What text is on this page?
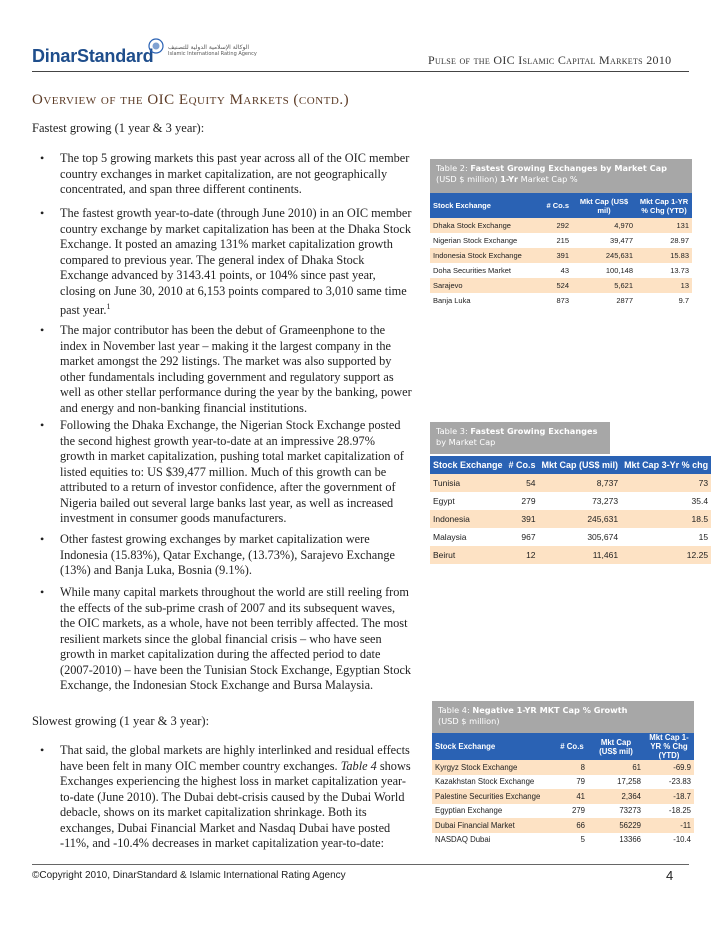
DinarStandard الوكالة الإسلامية الدولية للتصنيف
Islamic International Rating Agency	Pulse of the OIC Islamic Capital Markets 2010
Overview of the OIC Equity Markets (contd.)
Fastest growing (1 year & 3 year):
• The top 5 growing markets this past year across all of the OIC member country exchanges in market capitalization, are not geographically concentrated, and span three different continents.
• The fastest growth year-to-date (through June 2010) in an OIC member country exchange by market capitalization has been at the Dhaka Stock Exchange. It posted an amazing 131% market capitalization growth compared to previous year. The general index of Dhaka Stock Exchange advanced by 3143.41 points, or 104% since past year, closing on June 30, 2010 at 6,153 points compared to 3,010 same time past year.$^1$
• The major contributor has been the debut of Grameenphone to the index in November last year – making it the largest company in the market amongst the 292 listings. The market was also supported by other fundamentals including government and regulatory support as well as other stellar performance during the year by the banking, power and energy and non-banking financial institutions.
• Following the Dhaka Exchange, the Nigerian Stock Exchange posted the second highest growth year-to-date at an impressive 28.97% growth in market capitalization, pushing total market capitalization of listed equities to: US $39,477 million. Much of this growth can be attributed to a return of investor confidence, after the government of Nigeria bailed out several large banks last year, as well as increased investment in consumer goods manufacturers.
• Other fastest growing exchanges by market capitalization were Indonesia (15.83%), Qatar Exchange, (13.73%), Sarajevo Exchange (13%) and Banja Luka, Bosnia (9.1%).
• While many capital markets throughout the world are still reeling from the effects of the sub-prime crash of 2007 and its subsequent waves, the OIC markets, as a whole, have not been terribly affected. The most resilient markets since the global financial crisis – who have seen growth in market capitalization during the affected period to date (2007-2010) – have been the Tunisian Stock Exchange, Egyptian Stock Exchange, the Indonesian Stock Exchange and Bursa Malaysia.
Slowest growing (1 year & 3 year):
• That said, the global markets are highly interlinked and residual effects have been felt in many OIC member country exchanges. Table 4 shows Exchanges experiencing the highest loss in market capitalization year-to-date (June 2010). The Dubai debt-crisis caused by the Dubai World debacle, shows on its market capitalization shrinkage. Both its exchanges, Dubai Financial Market and Nasdaq Dubai have posted -11%, and -10.4% decreases in market capitalization year-to-date:
Table 2: Fastest Growing Exchanges by Market Cap
(USD $ million) 1-Yr Market Cap %
Stock Exchange	# Co.s	Mkt Cap (US$ mil)	Mkt Cap 1-YR % Chg (YTD)
Dhaka Stock Exchange	292	4,970	131
Nigerian Stock Exchange	215	39,477	28.97
Indonesia Stock Exchange	391	245,631	15.83
Doha Securities Market	43	100,148	13.73
Sarajevo	524	5,621	13
Banja Luka	873	2877	9.7
Table 3: Fastest Growing Exchanges
by Market Cap
Stock Exchange	# Co.s	Mkt Cap (US$ mil)	Mkt Cap 3-Yr % chg
Tunisia	54	8,737	73
Egypt	279	73,273	35.4
Indonesia	391	245,631	18.5
Malaysia	967	305,674	15
Beirut	12	11,461	12.25
Table 4: Negative 1-YR MKT Cap % Growth
(USD $ million)
Stock Exchange	# Co.s	Mkt Cap (US$ mil)	Mkt Cap 1-YR % Chg (YTD)
Kyrgyz Stock Exchange	8	61	-69.9
Kazakhstan Stock Exchange	79	17,258	-23.83
Palestine Securities Exchange	41	2,364	-18.7
Egyptian Exchange	279	73273	-18.25
Dubai Financial Market	66	56229	-11
NASDAQ Dubai	5	13366	-10.4
©Copyright 2010, DinarStandard & Islamic International Rating Agency	4
